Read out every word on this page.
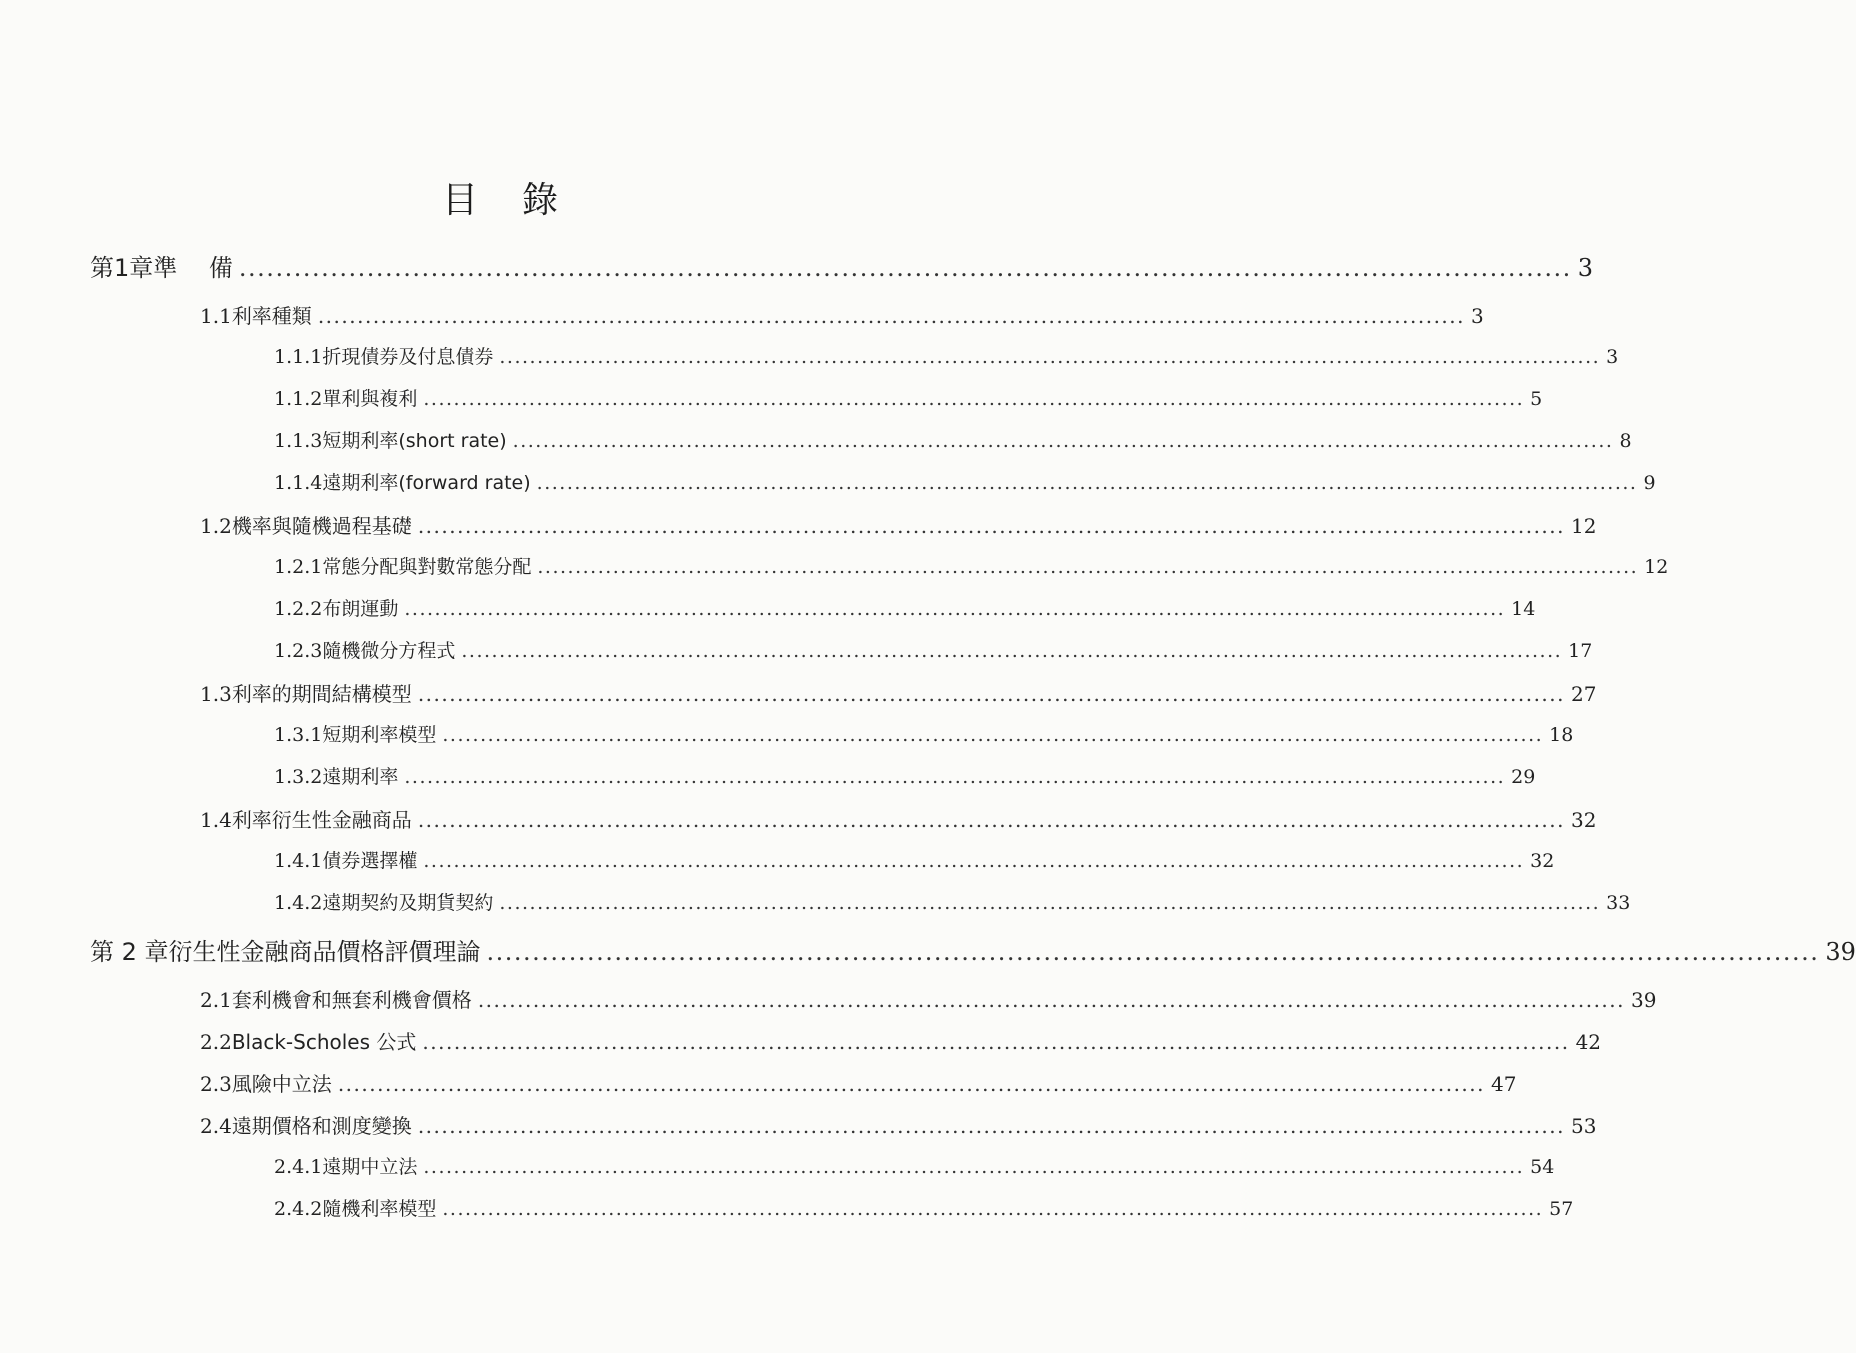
目錄
第1章 準　 備 .................................................................................................................................................. 3
1.1 利率種類 .................................................................................................................................................. 3
1.1.1 折現債券及付息債券 .................................................................................................................................................. 3
1.1.2 單利與複利 .................................................................................................................................................. 5
1.1.3 短期利率(short rate) .................................................................................................................................................. 8
1.1.4 遠期利率(forward rate) .................................................................................................................................................. 9
1.2 機率與隨機過程基礎 .................................................................................................................................................. 12
1.2.1 常態分配與對數常態分配 .................................................................................................................................................. 12
1.2.2 布朗運動 .................................................................................................................................................. 14
1.2.3 隨機微分方程式 .................................................................................................................................................. 17
1.3 利率的期間結構模型 .................................................................................................................................................. 27
1.3.1 短期利率模型 .................................................................................................................................................. 18
1.3.2 遠期利率 .................................................................................................................................................. 29
1.4 利率衍生性金融商品 .................................................................................................................................................. 32
1.4.1 債券選擇權 .................................................................................................................................................. 32
1.4.2 遠期契約及期貨契約 .................................................................................................................................................. 33
第 2 章 衍生性金融商品價格評價理論 .................................................................................................................................................. 39
2.1 套利機會和無套利機會價格 .................................................................................................................................................. 39
2.2 Black-Scholes 公式 .................................................................................................................................................. 42
2.3 風險中立法 .................................................................................................................................................. 47
2.4 遠期價格和測度變換 .................................................................................................................................................. 53
2.4.1 遠期中立法 .................................................................................................................................................. 54
2.4.2 隨機利率模型 .................................................................................................................................................. 57
